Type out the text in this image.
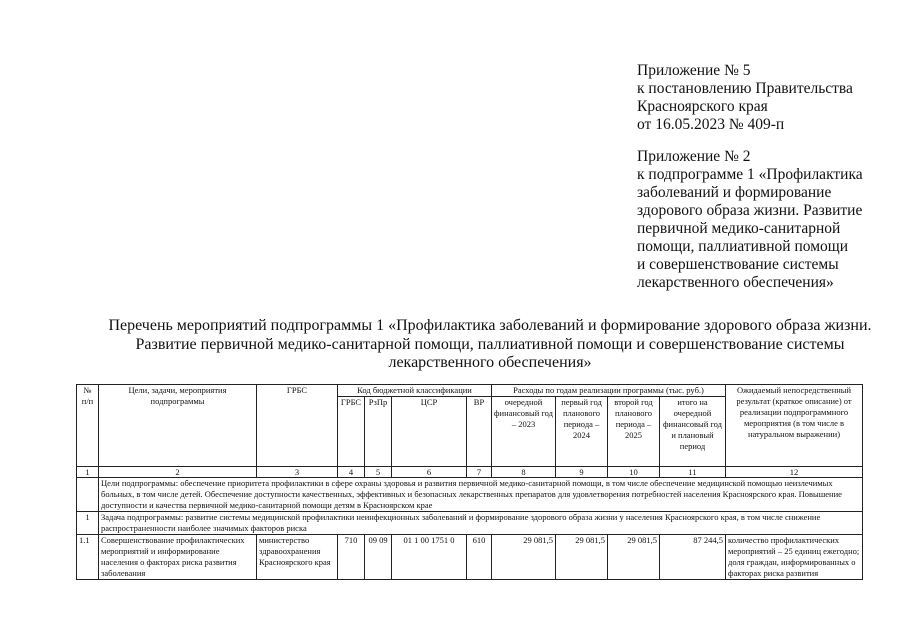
Приложение № 5
к постановлению Правительства
Красноярского края
от 16.05.2023 № 409-п
Приложение № 2
к подпрограмме 1 «Профилактика
заболеваний и формирование
здорового образа жизни. Развитие
первичной медико-санитарной
помощи, паллиативной помощи
и совершенствование системы
лекарственного обеспечения»
Перечень мероприятий подпрограммы 1 «Профилактика заболеваний и формирование здорового образа жизни.
Развитие первичной медико-санитарной помощи, паллиативной помощи и совершенствование системы
лекарственного обеспечения»
№ п/п	Цели, задачи, мероприятия подпрограммы	ГРБС	Код бюджетной классификации				Расходы по годам реализации программы (тыс. руб.)				Ожидаемый непосредственный результат (краткое описание) от реализации подпрограммного мероприятия (в том числе в натуральном выражении)
			ГРБС	РзПр	ЦСР	ВР	очередной финансовый год – 2023	первый год планового периода – 2024	второй год планового периода – 2025	итого на очередной финансовый год и плановый период	
1	2	3	4	5	6	7	8	9	10	11	12
	Цели подпрограммы: обеспечение приоритета профилактики в сфере охраны здоровья и развития первичной медико-санитарной помощи, в том числе обеспечение медицинской помощью неизлечимых больных, в том числе детей. Обеспечение доступности качественных, эффективных и безопасных лекарственных препаратов для удовлетворения потребностей населения Красноярского края. Повышение доступности и качества первичной медико-санитарной помощи детям в Красноярском крае										
1	Задача подпрограммы: развитие системы медицинской профилактики неинфекционных заболеваний и формирование здорового образа жизни у населения Красноярского края, в том числе снижение распространенности наиболее значимых факторов риска										
1.1	Совершенствование профилактических мероприятий и информирование населения о факторах риска развития заболевания	министерство здравоохранения Красноярского края	710	09 09	01 1 00 1751 0	610	29 081,5	29 081,5	29 081,5	87 244,5	количество профилактических мероприятий – 25 единиц ежегодно; доля граждан, информированных о факторах риска развития
